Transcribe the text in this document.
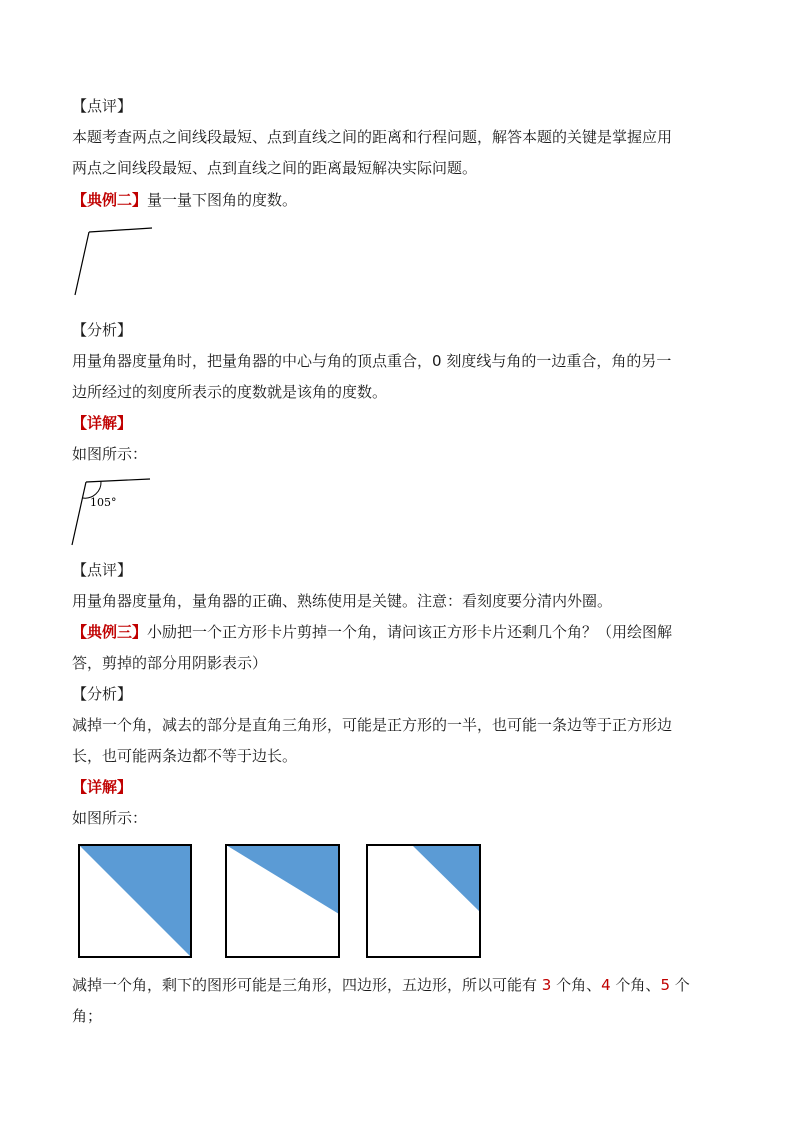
【点评】
本题考查两点之间线段最短、点到直线之间的距离和行程问题，解答本题的关键是掌握应用
两点之间线段最短、点到直线之间的距离最短解决实际问题。
【典例二】量一量下图角的度数。
【分析】
用量角器度量角时，把量角器的中心与角的顶点重合，0 刻度线与角的一边重合，角的另一
边所经过的刻度所表示的度数就是该角的度数。
【详解】
如图所示：
105°
【点评】
用量角器度量角，量角器的正确、熟练使用是关键。注意：看刻度要分清内外圈。
【典例三】小励把一个正方形卡片剪掉一个角，请问该正方形卡片还剩几个角？（用绘图解
答，剪掉的部分用阴影表示）
【分析】
减掉一个角，减去的部分是直角三角形，可能是正方形的一半，也可能一条边等于正方形边
长，也可能两条边都不等于边长。
【详解】
如图所示：
减掉一个角，剩下的图形可能是三角形，四边形，五边形，所以可能有 3 个角、4 个角、5 个
角；
